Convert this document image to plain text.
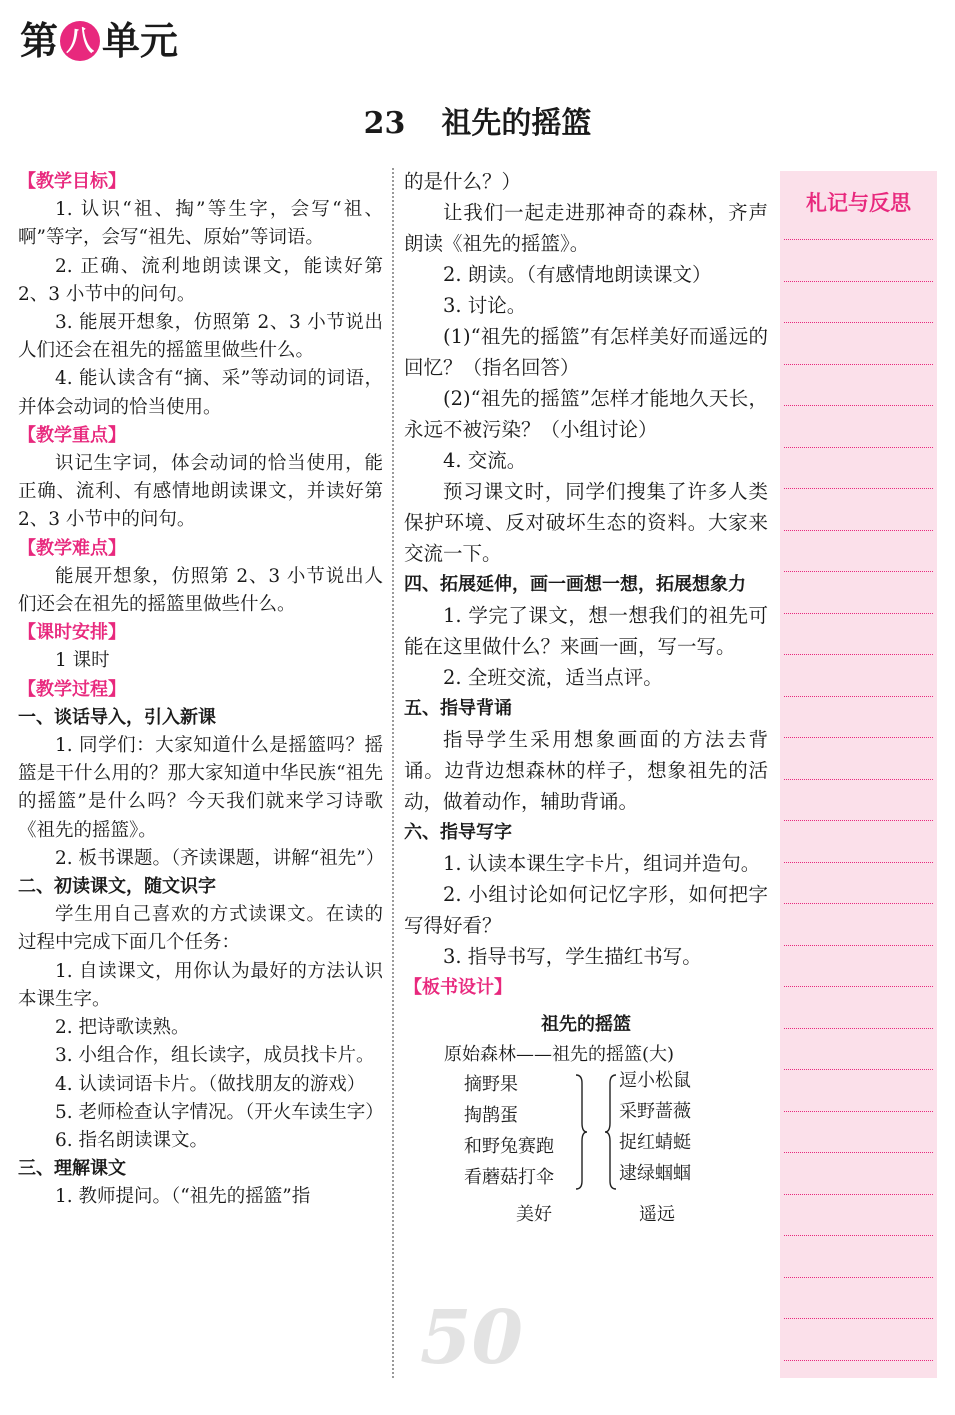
第 八 单元
23 祖先的摇篮

【教学目标】

1. 认识“祖、掏”等生字，会写“祖、啊”等字，会写“祖先、原始”等词语。

2. 正确、流利地朗读课文，能读好第 2、3 小节中的问句。

3. 能展开想象，仿照第 2、3 小节说出人们还会在祖先的摇篮里做些什么。

4. 能认读含有“摘、采”等动词的词语，并体会动词的恰当使用。

【教学重点】

识记生字词，体会动词的恰当使用，能正确、流利、有感情地朗读课文，并读好第 2、3 小节中的问句。

【教学难点】

能展开想象，仿照第 2、3 小节说出人们还会在祖先的摇篮里做些什么。

【课时安排】

1 课时

【教学过程】

一、谈话导入，引入新课

1. 同学们：大家知道什么是摇篮吗？摇篮是干什么用的？那大家知道中华民族“祖先的摇篮”是什么吗？今天我们就来学习诗歌《祖先的摇篮》。

2. 板书课题。（齐读课题，讲解“祖先”）

二、初读课文，随文识字

学生用自己喜欢的方式读课文。在读的过程中完成下面几个任务：

1. 自读课文，用你认为最好的方法认识本课生字。

2. 把诗歌读熟。

3. 小组合作，组长读字，成员找卡片。

4. 认读词语卡片。（做找朋友的游戏）

5. 老师检查认字情况。（开火车读生字）

6. 指名朗读课文。

三、理解课文

1. 教师提问。（“祖先的摇篮”指

的是什么？）

让我们一起走进那神奇的森林，齐声朗读《祖先的摇篮》。

2. 朗读。（有感情地朗读课文）

3. 讨论。

(1)“祖先的摇篮”有怎样美好而遥远的回忆？（指名回答）

(2)“祖先的摇篮”怎样才能地久天长，永远不被污染？（小组讨论）

4. 交流。

预习课文时，同学们搜集了许多人类保护环境、反对破坏生态的资料。大家来交流一下。

四、拓展延伸，画一画想一想，拓展想象力

1. 学完了课文，想一想我们的祖先可能在这里做什么？来画一画，写一写。

2. 全班交流，适当点评。

五、指导背诵

指导学生采用想象画面的方法去背诵。边背边想森林的样子，想象祖先的活动，做着动作，辅助背诵。

六、指导写字

1. 认读本课生字卡片，组词并造句。

2. 小组讨论如何记忆字形，如何把字写得好看？

3. 指导书写，学生描红书写。

【板书设计】

祖先的摇篮
原始森林——祖先的摇篮(大)
摘野果
掏鹊蛋
和野兔赛跑
看蘑菇打伞
逗小松鼠
采野蔷薇
捉红蜻蜓
逮绿蝈蝈
美好	遥远
50
札记与反思
